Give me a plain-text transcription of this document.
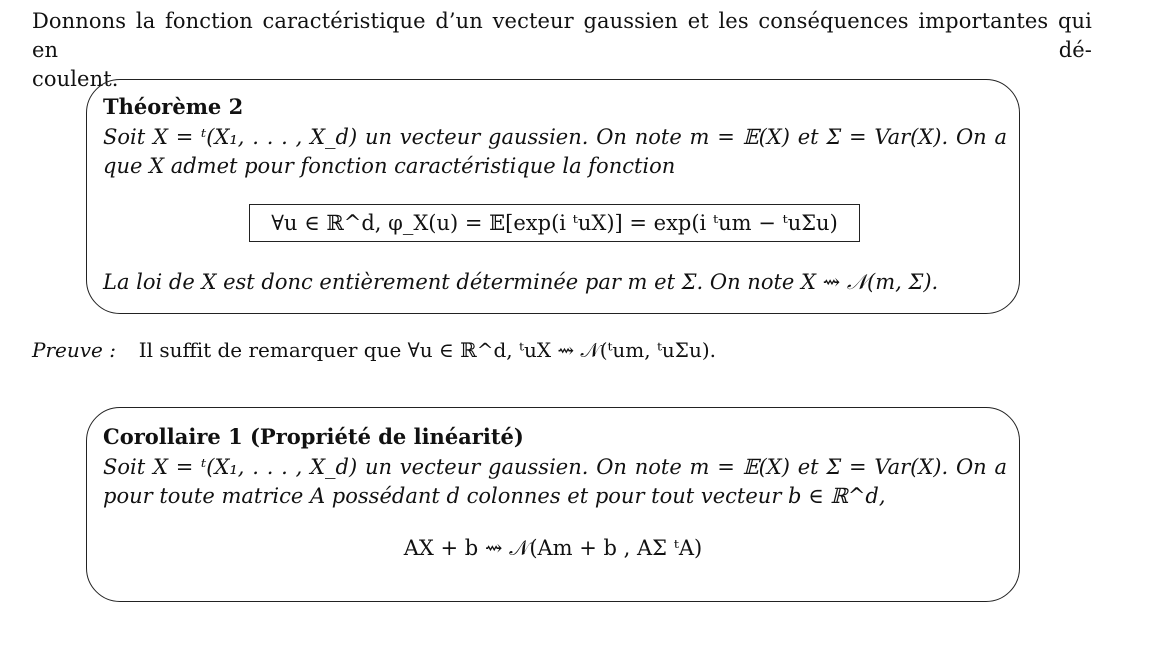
Donnons la fonction caractéristique d’un vecteur gaussien et les conséquences importantes qui en dé-
coulent.
Théorème 2
Soit X = ᵗ(X₁, . . . , X_d) un vecteur gaussien. On note m = 𝔼(X) et Σ = Var(X). On a
que X admet pour fonction caractéristique la fonction
∀u ∈ ℝ^d, φ_X(u) = 𝔼[exp(i ᵗuX)] = exp(i ᵗum − ᵗuΣu)
La loi de X est donc entièrement déterminée par m et Σ. On note X ⇝ 𝒩(m, Σ).
Preuve : Il suffit de remarquer que ∀u ∈ ℝ^d, ᵗuX ⇝ 𝒩(ᵗum, ᵗuΣu).
Corollaire 1 (Propriété de linéarité)
Soit X = ᵗ(X₁, . . . , X_d) un vecteur gaussien. On note m = 𝔼(X) et Σ = Var(X). On a
pour toute matrice A possédant d colonnes et pour tout vecteur b ∈ ℝ^d,
AX + b ⇝ 𝒩(Am + b , AΣ ᵗA)
